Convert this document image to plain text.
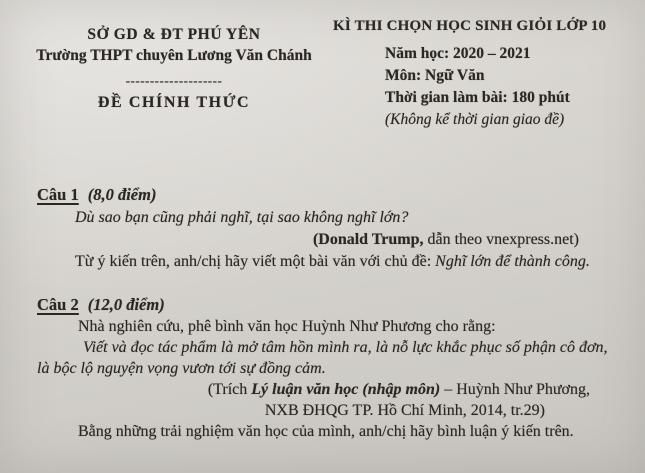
SỞ GD & ĐT PHÚ YÊN
Trường THPT chuyên Lương Văn Chánh
--------------------
ĐỀ CHÍNH THỨC
KÌ THI CHỌN HỌC SINH GIỎI LỚP 10
Năm học: 2020 – 2021
Môn: Ngữ Văn
Thời gian làm bài: 180 phút
(Không kể thời gian giao đề)
Câu 1 (8,0 điểm)
Dù sao bạn cũng phải nghĩ, tại sao không nghĩ lớn?
(Donald Trump, dẫn theo vnexpress.net)
Từ ý kiến trên, anh/chị hãy viết một bài văn với chủ đề: Nghĩ lớn để thành công.
Câu 2 (12,0 điểm)
Nhà nghiên cứu, phê bình văn học Huỳnh Như Phương cho rằng:
Viết và đọc tác phẩm là mở tâm hồn mình ra, là nỗ lực khắc phục số phận cô đơn,
là bộc lộ nguyện vọng vươn tới sự đồng cảm.
(Trích Lý luận văn học (nhập môn) – Huỳnh Như Phương,
NXB ĐHQG TP. Hồ Chí Minh, 2014, tr.29)
Bằng những trải nghiệm văn học của mình, anh/chị hãy bình luận ý kiến trên.
